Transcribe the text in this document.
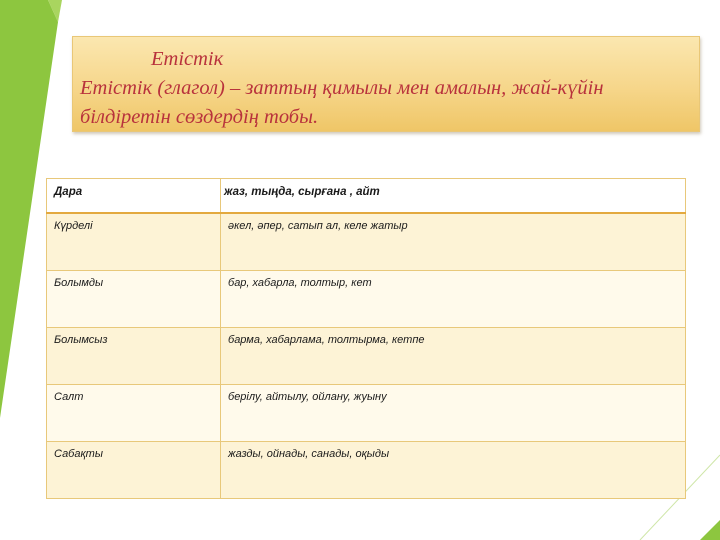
Етістік
Етістік (глагол) – заттың қимылы мен амалын, жай-күйін білдіретін сөздердің тобы.
Дара	жаз, тыңда, сырғана , айт
Күрделі	әкел, әпер, сатып ал, келе жатыр
Болымды	бар, хабарла, толтыр, кет
Болымсыз	барма, хабарлама, толтырма, кетпе
Салт	берілу, айтылу, ойлану, жуыну
Сабақты	жазды, ойнады, санады, оқыды
